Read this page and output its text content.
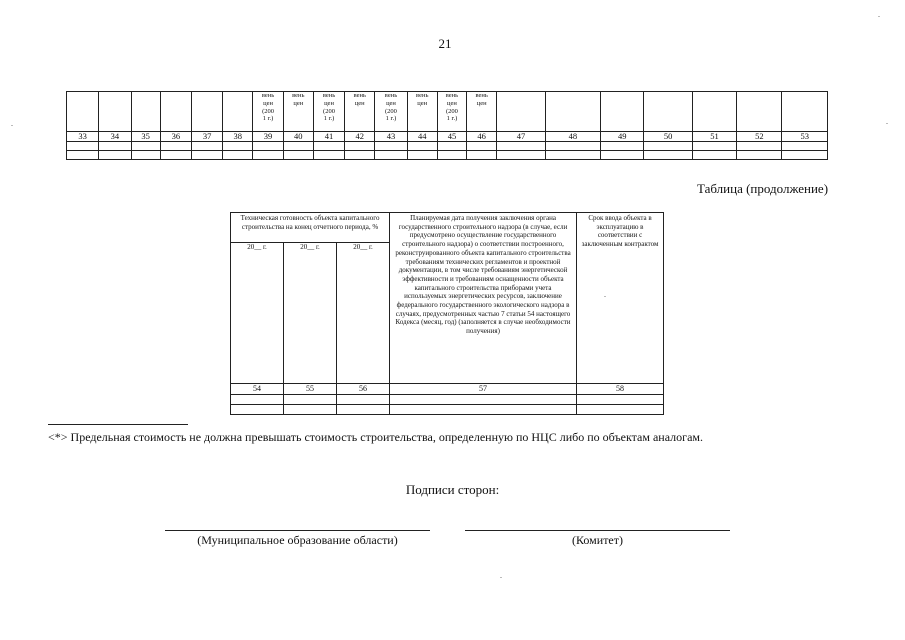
21
						вень
цен
(200
1 г.)	вень
цен	вень
цен
(200
1 г.)	вень
цен	вень
цен
(200
1 г.)	вень
цен	вень
цен
(200
1 г.)	вень
цен							
33	34	35	36	37	38	39	40	41	42	43	44	45	46	47	48	49	50	51	52	53

Таблица (продолжение)
Техническая готовность объекта капитального строительства на конец отчетного периода, %			Планируемая дата получения заключения органа государственного строительного надзора (в случае, если предусмотрено осуществление государственного строительного надзора) о соответствии построенного, реконструированного объекта капитального строительства требованиям технических регламентов и проектной документации, в том числе требованиям энергетической эффективности и требованиям оснащенности объекта капитального строительства приборами учета используемых энергетических ресурсов, заключение федерального государственного экологического надзора в случаях, предусмотренных частью 7 статьи 54 настоящего Кодекса (месяц, год) (заполняется в случае необходимости получения)	Срок ввода объекта в эксплуатацию в соответствии с заключенным контрактом
20__ г.	20__ г.	20__ г.		
54	55	56	57	58

<*> Предельная стоимость не должна превышать стоимость строительства, определенную по НЦС либо по объектам аналогам.
Подписи сторон:
(Муниципальное образование области)	(Комитет)
